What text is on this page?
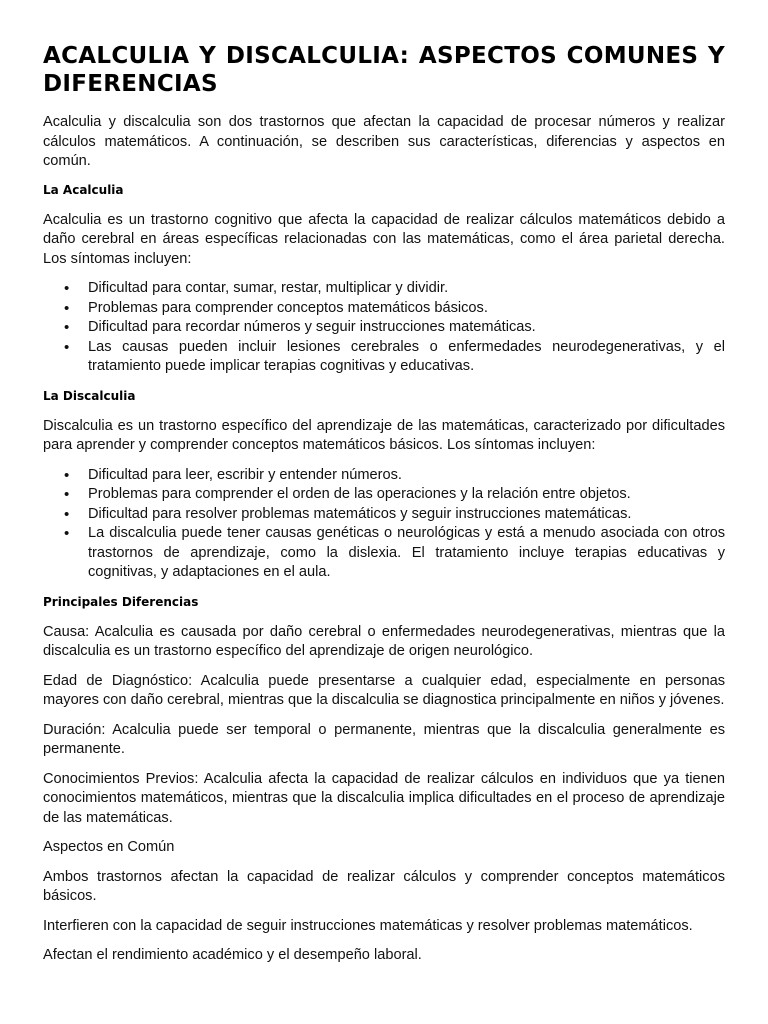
ACALCULIA Y DISCALCULIA: ASPECTOS COMUNES Y DIFERENCIAS

Acalculia y discalculia son dos trastornos que afectan la capacidad de procesar números y realizar cálculos matemáticos. A continuación, se describen sus características, diferencias y aspectos en común.

La Acalculia

Acalculia es un trastorno cognitivo que afecta la capacidad de realizar cálculos matemáticos debido a daño cerebral en áreas específicas relacionadas con las matemáticas, como el área parietal derecha. Los síntomas incluyen:

• Dificultad para contar, sumar, restar, multiplicar y dividir.
• Problemas para comprender conceptos matemáticos básicos.
• Dificultad para recordar números y seguir instrucciones matemáticas.
• Las causas pueden incluir lesiones cerebrales o enfermedades neurodegenerativas, y el tratamiento puede implicar terapias cognitivas y educativas.
La Discalculia

Discalculia es un trastorno específico del aprendizaje de las matemáticas, caracterizado por dificultades para aprender y comprender conceptos matemáticos básicos. Los síntomas incluyen:

• Dificultad para leer, escribir y entender números.
• Problemas para comprender el orden de las operaciones y la relación entre objetos.
• Dificultad para resolver problemas matemáticos y seguir instrucciones matemáticas.
• La discalculia puede tener causas genéticas o neurológicas y está a menudo asociada con otros trastornos de aprendizaje, como la dislexia. El tratamiento incluye terapias educativas y cognitivas, y adaptaciones en el aula.
Principales Diferencias

Causa: Acalculia es causada por daño cerebral o enfermedades neurodegenerativas, mientras que la discalculia es un trastorno específico del aprendizaje de origen neurológico.

Edad de Diagnóstico: Acalculia puede presentarse a cualquier edad, especialmente en personas mayores con daño cerebral, mientras que la discalculia se diagnostica principalmente en niños y jóvenes.

Duración: Acalculia puede ser temporal o permanente, mientras que la discalculia generalmente es permanente.

Conocimientos Previos: Acalculia afecta la capacidad de realizar cálculos en individuos que ya tienen conocimientos matemáticos, mientras que la discalculia implica dificultades en el proceso de aprendizaje de las matemáticas.

Aspectos en Común

Ambos trastornos afectan la capacidad de realizar cálculos y comprender conceptos matemáticos básicos.

Interfieren con la capacidad de seguir instrucciones matemáticas y resolver problemas matemáticos.

Afectan el rendimiento académico y el desempeño laboral.
